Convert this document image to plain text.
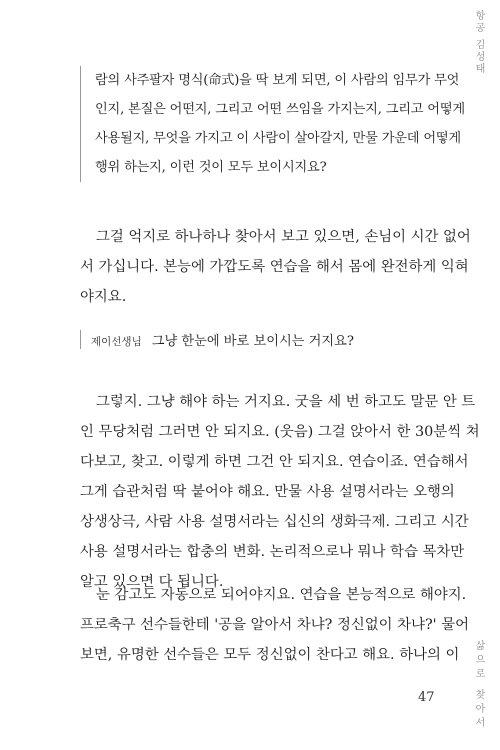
항공 김성태
람의 사주팔자 명식(命式)을 딱 보게 되면, 이 사람의 임무가 무엇
인지, 본질은 어떤지, 그리고 어떤 쓰임을 가지는지, 그리고 어떻게
사용될지, 무엇을 가지고 이 사람이 살아갈지, 만물 가운데 어떻게
행위 하는지, 이런 것이 모두 보이시지요?
그걸 억지로 하나하나 찾아서 보고 있으면, 손님이 시간 없어
서 가십니다. 본능에 가깝도록 연습을 해서 몸에 완전하게 익혀
야지요.
제이선생님 그냥 한눈에 바로 보이시는 거지요?
그렇지. 그냥 해야 하는 거지요. 굿을 세 번 하고도 말문 안 트
인 무당처럼 그러면 안 되지요. (웃음) 그걸 앉아서 한 30분씩 쳐
다보고, 찾고. 이렇게 하면 그건 안 되지요. 연습이죠. 연습해서
그게 습관처럼 딱 붙어야 해요. 만물 사용 설명서라는 오행의
상생상극, 사람 사용 설명서라는 십신의 생화극제. 그리고 시간
사용 설명서라는 합충의 변화. 논리적으로나 뭐나 학습 목차만
알고 있으면 다 됩니다.
눈 감고도 자동으로 되어야지요. 연습을 본능적으로 해야지.
프로축구 선수들한테 '공을 알아서 차냐? 정신없이 차냐?' 물어
보면, 유명한 선수들은 모두 정신없이 찬다고 해요. 하나의 이 삶으로 찾아서
47
